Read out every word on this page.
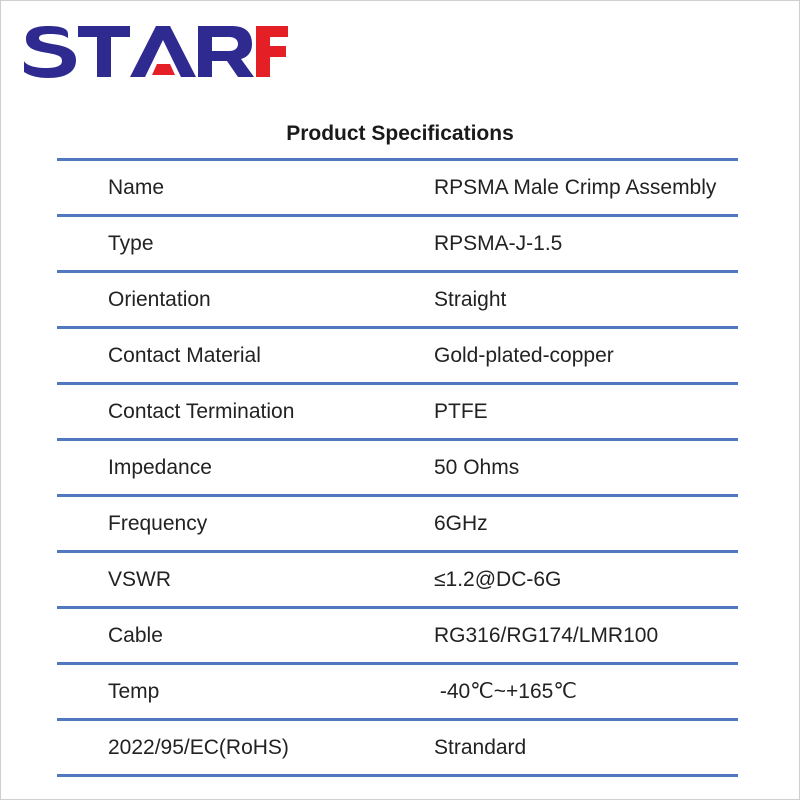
Product Specifications
Name	RPSMA Male Crimp Assembly
Type	RPSMA-J-1.5
Orientation	Straight
Contact Material	Gold-plated-copper
Contact Termination	PTFE
Impedance	50 Ohms
Frequency	6GHz
VSWR	≤1.2@DC-6G
Cable	RG316/RG174/LMR100
Temp	-40℃~+165℃
2022/95/EC(RoHS)	Strandard
